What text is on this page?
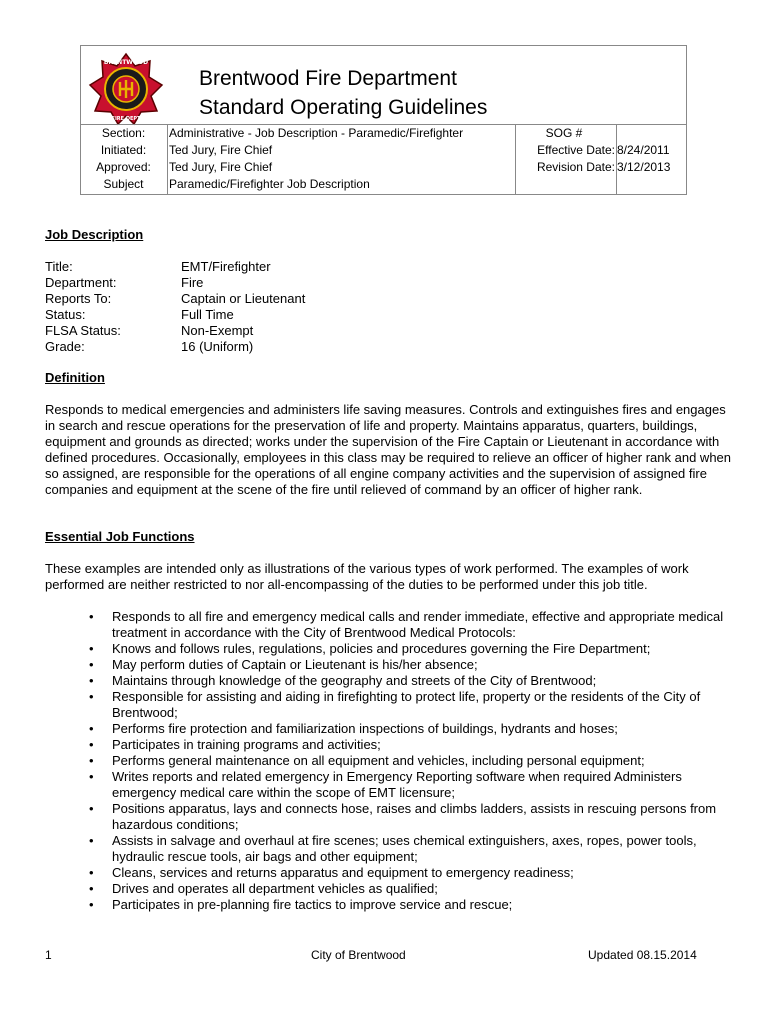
BRENTWOOD
FIRE DEPT
Brentwood Fire Department
Standard Operating Guidelines
Section:	Administrative - Job Description - Paramedic/Firefighter	SOG #
Initiated:	Ted Jury, Fire Chief	Effective Date: 8/24/2011
Approved:	Ted Jury, Fire Chief	Revision Date: 3/12/2013
Subject	Paramedic/Firefighter Job Description
Job Description
Title:	EMT/Firefighter
Department:	Fire
Reports To:	Captain or Lieutenant
Status:	Full Time
FLSA Status:	Non-Exempt
Grade:	16 (Uniform)
Definition
Responds to medical emergencies and administers life saving measures. Controls and extinguishes fires and engages in search and rescue operations for the preservation of life and property. Maintains apparatus, quarters, buildings, equipment and grounds as directed; works under the supervision of the Fire Captain or Lieutenant in accordance with defined procedures. Occasionally, employees in this class may be required to relieve an officer of higher rank and when so assigned, are responsible for the operations of all engine company activities and the supervision of assigned fire companies and equipment at the scene of the fire until relieved of command by an officer of higher rank.
Essential Job Functions
These examples are intended only as illustrations of the various types of work performed. The examples of work performed are neither restricted to nor all-encompassing of the duties to be performed under this job title.
• Responds to all fire and emergency medical calls and render immediate, effective and appropriate medical treatment in accordance with the City of Brentwood Medical Protocols:
• Knows and follows rules, regulations, policies and procedures governing the Fire Department;
• May perform duties of Captain or Lieutenant is his/her absence;
• Maintains through knowledge of the geography and streets of the City of Brentwood;
• Responsible for assisting and aiding in firefighting to protect life, property or the residents of the City of Brentwood;
• Performs fire protection and familiarization inspections of buildings, hydrants and hoses;
• Participates in training programs and activities;
• Performs general maintenance on all equipment and vehicles, including personal equipment;
• Writes reports and related emergency in Emergency Reporting software when required Administers emergency medical care within the scope of EMT licensure;
• Positions apparatus, lays and connects hose, raises and climbs ladders, assists in rescuing persons from hazardous conditions;
• Assists in salvage and overhaul at fire scenes; uses chemical extinguishers, axes, ropes, power tools, hydraulic rescue tools, air bags and other equipment;
• Cleans, services and returns apparatus and equipment to emergency readiness;
• Drives and operates all department vehicles as qualified;
• Participates in pre-planning fire tactics to improve service and rescue;
1	City of Brentwood	Updated 08.15.2014
